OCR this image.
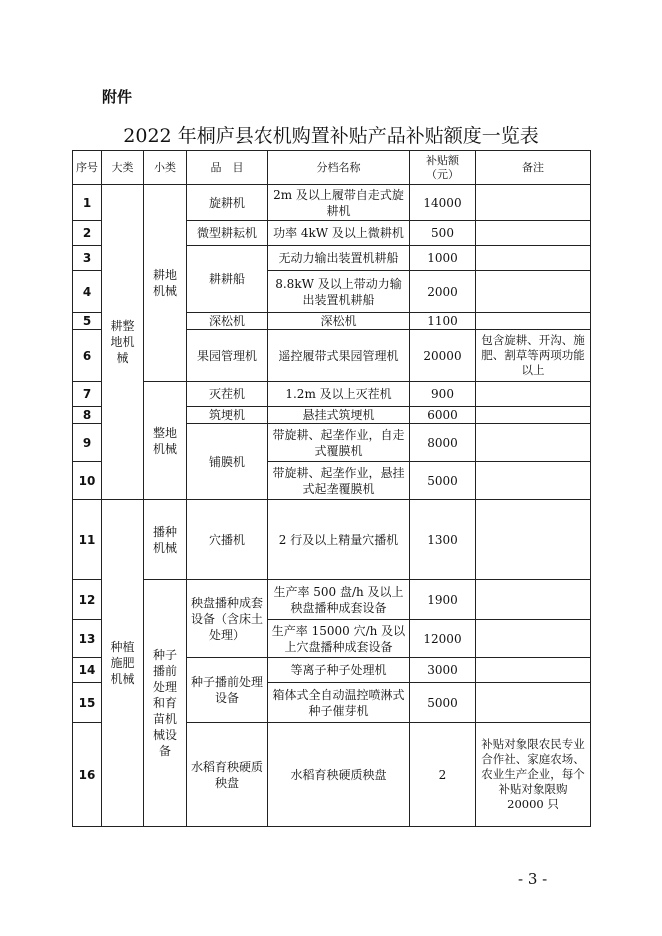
附件
2022 年桐庐县农机购置补贴产品补贴额度一览表
序号	大类	小类	品　目	分档名称	补贴额（元）	备注
1	耕整地机械	耕地机械	旋耕机	2m 及以上履带自走式旋耕机	14000	
2			微型耕耘机	功率 4kW 及以上微耕机	500	
3			耕耕船	无动力输出装置机耕船	1000	
4				8.8kW 及以上带动力输出装置机耕船	2000	
5			深松机	深松机	1100	
6			果园管理机	遥控履带式果园管理机	20000	包含旋耕、开沟、施肥、割草等两项功能以上
7		整地机械	灭茬机	1.2m 及以上灭茬机	900	
8			筑埂机	悬挂式筑埂机	6000	
9			铺膜机	带旋耕、起垄作业，自走式覆膜机	8000	
10				带旋耕、起垄作业，悬挂式起垄覆膜机	5000	
11	种植施肥机械	播种机械	穴播机	2 行及以上精量穴播机	1300	
12		种子播前处理和育苗机械设备	秧盘播种成套设备（含床土处理）	生产率 500 盘/h 及以上秧盘播种成套设备	1900	
13				生产率 15000 穴/h 及以上穴盘播种成套设备	12000	
14			种子播前处理设备	等离子种子处理机	3000	
15				箱体式全自动温控喷淋式种子催芽机	5000	
16			水稻育秧硬质秧盘	水稻育秧硬质秧盘	2	补贴对象限农民专业合作社、家庭农场、农业生产企业，每个补贴对象限购 20000 只
- 3 -
